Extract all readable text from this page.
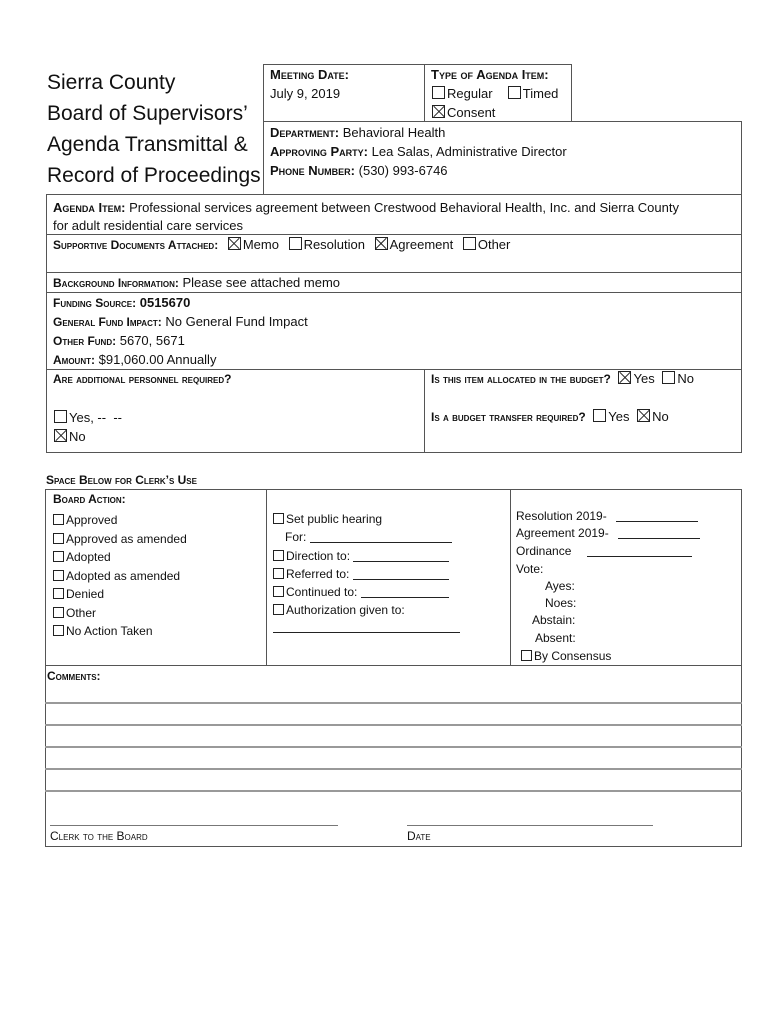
Sierra County
Board of Supervisors’
Agenda Transmittal &
Record of Proceedings
Meeting Date:
July 9, 2019
Type of Agenda Item:
Regular Timed
Consent
Department: Behavioral Health
Approving Party: Lea Salas, Administrative Director
Phone Number: (530) 993-6746
Agenda Item: Professional services agreement between Crestwood Behavioral Health, Inc. and Sierra County
for adult residential care services
Supportive Documents Attached: Memo Resolution Agreement Other
Background Information: Please see attached memo
Funding Source: 0515670
General Fund Impact: No General Fund Impact
Other Fund: 5670, 5671
Amount: $91,060.00 Annually
Are additional personnel required?
Yes, --  --
No
Is this item allocated in the budget? Yes No
Is a budget transfer required? Yes No
Space Below for Clerk’s Use
Board Action:
Approved
Approved as amended
Adopted
Adopted as amended
Denied
Other
No Action Taken
Set public hearing
For:
Direction to:
Referred to:
Continued to:
Authorization given to:
Resolution 2019-
Agreement 2019-
Ordinance
Vote:
Ayes:
Noes:
Abstain:
Absent:
By Consensus
Comments:
Clerk to the Board	Date
